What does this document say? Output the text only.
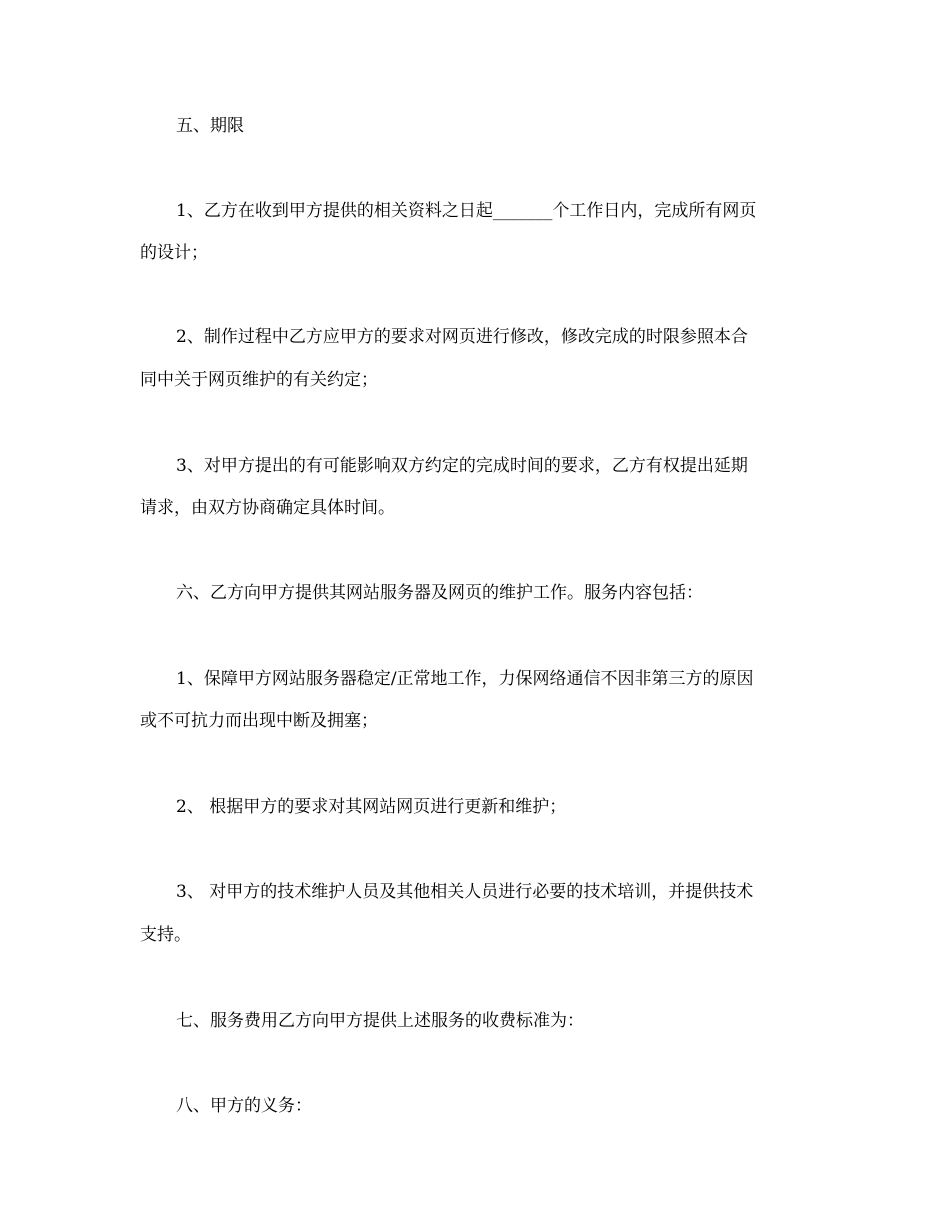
五、期限
1、乙方在收到甲方提供的相关资料之日起_______个工作日内，完成所有网页
的设计；
2、制作过程中乙方应甲方的要求对网页进行修改，修改完成的时限参照本合
同中关于网页维护的有关约定；
3、对甲方提出的有可能影响双方约定的完成时间的要求，乙方有权提出延期
请求，由双方协商确定具体时间。
六、乙方向甲方提供其网站服务器及网页的维护工作。服务内容包括：
1、保障甲方网站服务器稳定/正常地工作，力保网络通信不因非第三方的原因
或不可抗力而出现中断及拥塞；
2、 根据甲方的要求对其网站网页进行更新和维护；
3、 对甲方的技术维护人员及其他相关人员进行必要的技术培训，并提供技术
支持。
七、服务费用乙方向甲方提供上述服务的收费标准为：
八、甲方的义务：
